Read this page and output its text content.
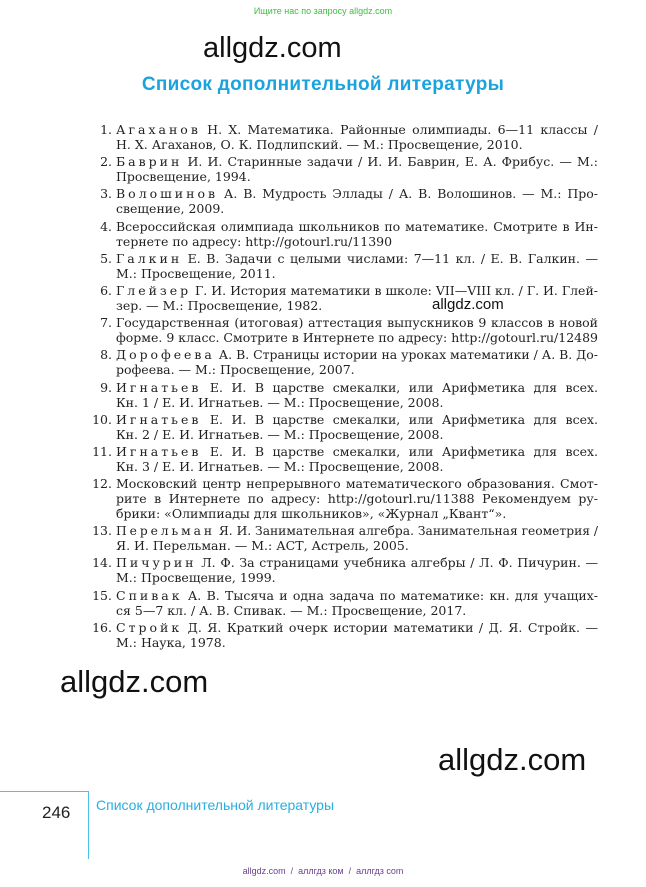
Ищите нас по запросу allgdz.com
allgdz.com
Список дополнительной литературы
1. Агаханов Н. Х. Математика. Районные олимпиады. 6—11 классы /
Н. Х. Агаханов, О. К. Подлипский. — М.: Просвещение, 2010.
2. Баврин И. И. Старинные задачи / И. И. Баврин, Е. А. Фрибус. — М.:
Просвещение, 1994.
3. Волошинов А. В. Мудрость Эллады / А. В. Волошинов. — М.: Про-
свещение, 2009.
4. Всероссийская олимпиада школьников по математике. Смотрите в Ин-
тернете по адресу: http://gotourl.ru/11390
5. Галкин Е. В. Задачи с целыми числами: 7—11 кл. / Е. В. Галкин. —
М.: Просвещение, 2011.
6. Глейзер Г. И. История математики в школе: VII—VIII кл. / Г. И. Глей-
зер. — М.: Просвещение, 1982.
7. Государственная (итоговая) аттестация выпускников 9 классов в новой
форме. 9 класс. Смотрите в Интернете по адресу: http://gotourl.ru/12489
8. Дорофеева А. В. Страницы истории на уроках математики / А. В. До-
рофеева. — М.: Просвещение, 2007.
9. Игнатьев Е. И. В царстве смекалки, или Арифметика для всех.
Кн. 1 / Е. И. Игнатьев. — М.: Просвещение, 2008.
10. Игнатьев Е. И. В царстве смекалки, или Арифметика для всех.
Кн. 2 / Е. И. Игнатьев. — М.: Просвещение, 2008.
11. Игнатьев Е. И. В царстве смекалки, или Арифметика для всех.
Кн. 3 / Е. И. Игнатьев. — М.: Просвещение, 2008.
12. Московский центр непрерывного математического образования. Смот-
рите в Интернете по адресу: http://gotourl.ru/11388 Рекомендуем ру-
брики: «Олимпиады для школьников», «Журнал „Квант“».
13. Перельман Я. И. Занимательная алгебра. Занимательная геометрия /
Я. И. Перельман. — М.: АСТ, Астрель, 2005.
14. Пичурин Л. Ф. За страницами учебника алгебры / Л. Ф. Пичурин. —
М.: Просвещение, 1999.
15. Спивак А. В. Тысяча и одна задача по математике: кн. для учащих-
ся 5—7 кл. / А. В. Спивак. — М.: Просвещение, 2017.
16. Стройк Д. Я. Краткий очерк истории математики / Д. Я. Стройк. —
М.: Наука, 1978.
allgdz.com
allgdz.com
allgdz.com
246 Список дополнительной литературы
allgdz.com  /  аллгдз ком  /  аллгдз com
